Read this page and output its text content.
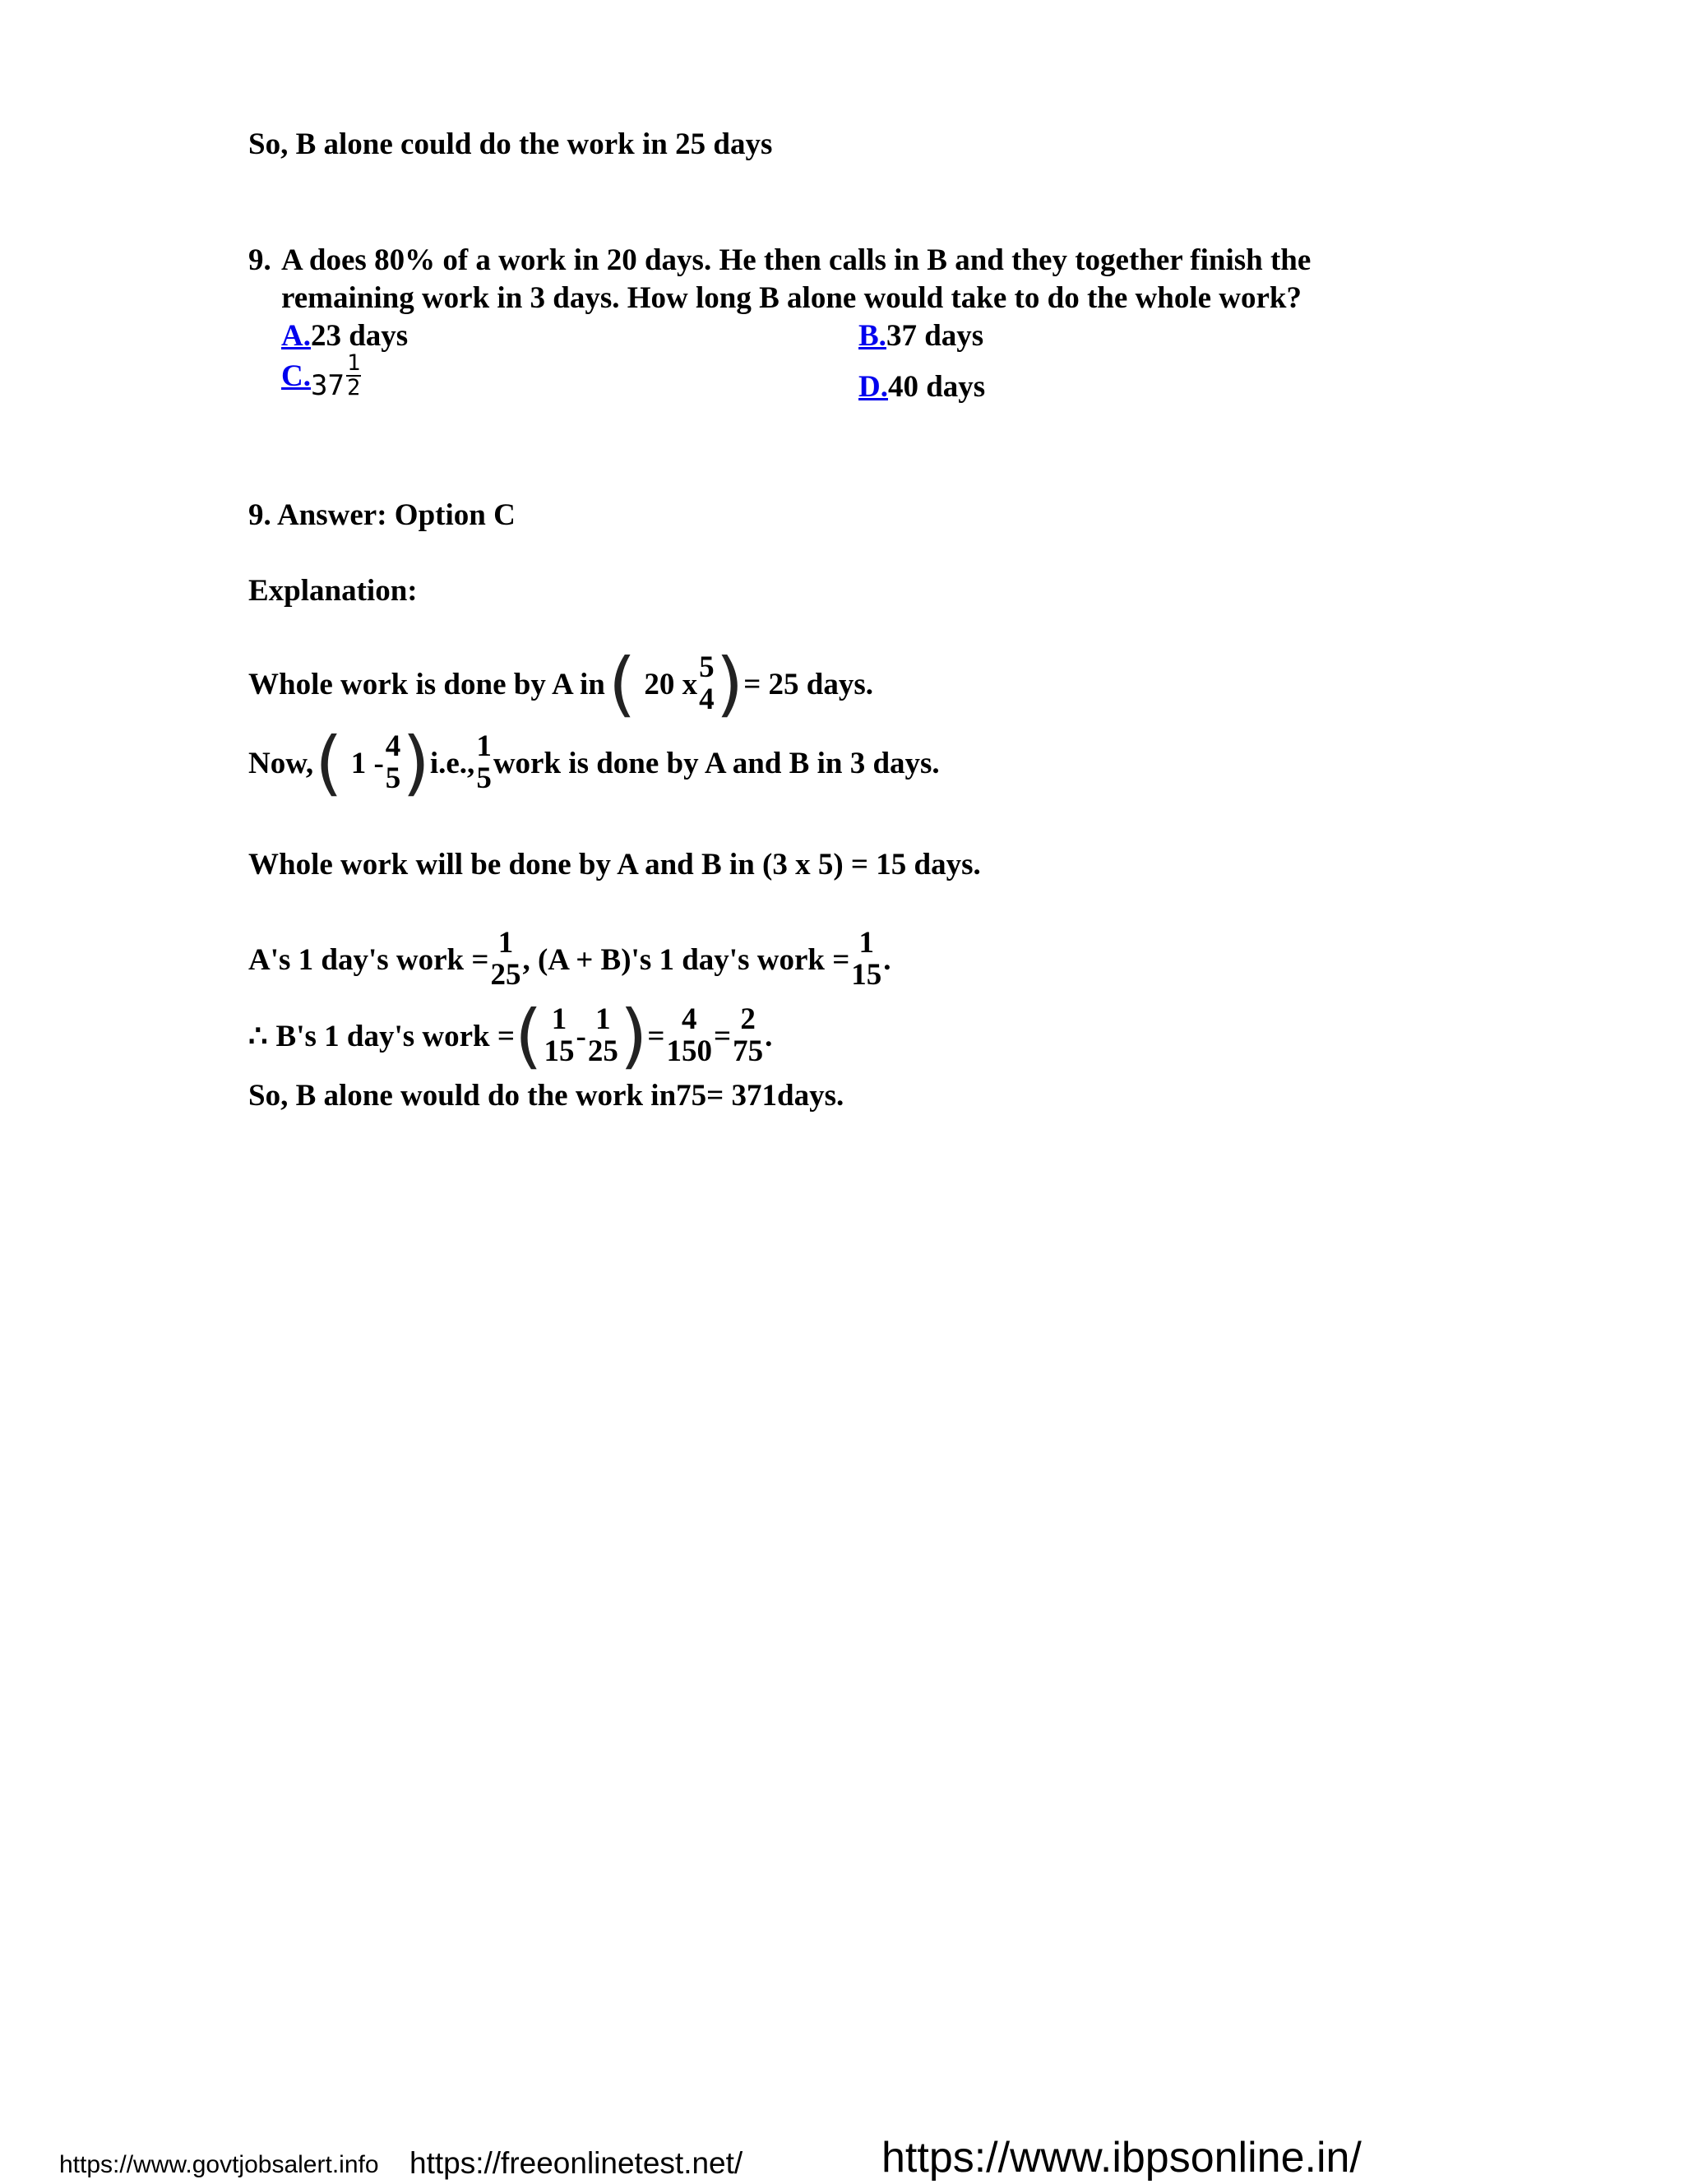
So, B alone could do the work in 25 days
9. A does 80% of a work in 20 days. He then calls in B and they together finish the
remaining work in 3 days. How long B alone would take to do the whole work?
A.23 days	B.37 days
$C.37 \frac{1}{2}$	D.40 days
9. Answer: Option C
Explanation:
Whole work is done by A in ( 20 x 5
4 ) = 25 days.
Now, ( 1 - 4
5 ) i.e., 1
5 work is done by A and B in 3 days.
Whole work will be done by A and B in (3 x 5) = 15 days.
A's 1 day's work = 1
25 , (A + B)'s 1 day's work = 1
15 .
∴ B's 1 day's work = ( 1
15 - 1
25 ) = 4
150 = 2
75 .
So, B alone would do the work in75= 371days.
https://www.govtjobsalert.info	https://freeonlinetest.net/	https://www.ibpsonline.in/
